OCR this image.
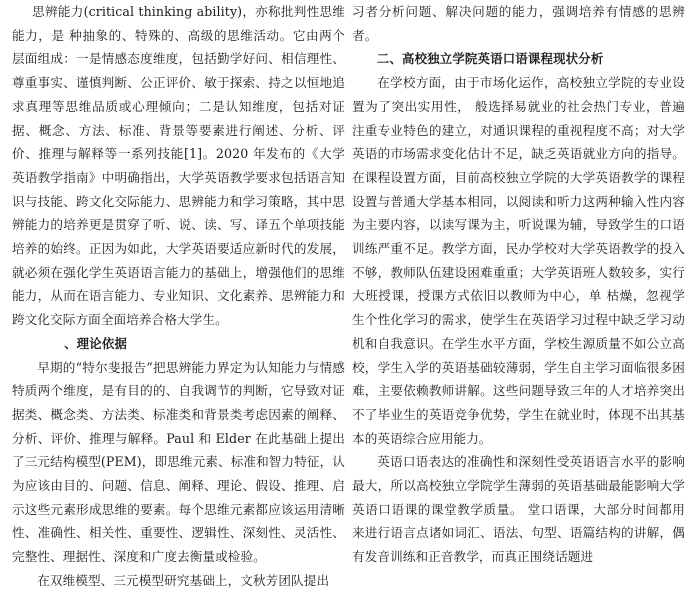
思辨能力(critical thinking ability)，亦称批判性思维能力，是 种抽象的、特殊的、高级的思维活动。它由两个层面组成：一是情感态度维度，包括勤学好问、相信理性、尊重事实、谨慎判断、公正评价、敏于探索、持之以恒地追求真理等思维品质或心理倾向；二是认知维度，包括对证据、概念、方法、标准、背景等要素进行阐述、分析、评价、推理与解释等一系列技能[1]。2020 年发布的《大学英语教学指南》中明确指出，大学英语教学要求包括语言知识与技能、跨文化交际能力、思辨能力和学习策略，其中思辨能力的培养更是贯穿了听、说、读、写、译五个单项技能培养的始终。正因为如此，大学英语要适应新时代的发展，就必须在强化学生英语语言能力的基础上，增强他们的思维能力，从而在语言能力、专业知识、文化素养、思辨能力和跨文化交际方面全面培养合格大学生。

、理论依据

早期的“特尔斐报告”把思辨能力界定为认知能力与情感特质两个维度，是有目的的、自我调节的判断，它导致对证据类、概念类、方法类、标准类和背景类考虑因素的阐释、分析、评价、推理与解释。Paul 和 Elder 在此基础上提出了三元结构模型(PEM)，即思维元素、标准和智力特征，认为应该由目的、问题、信息、阐释、理论、假设、推理、启示这些元素形成思维的要素。每个思维元素都应该运用清晰性、准确性、相关性、重要性、逻辑性、深刻性、灵活性、完整性、理据性、深度和广度去衡量或检验。

在双维模型、三元模型研究基础上，文秋芳团队提出

习者分析问题、解决问题的能力，强调培养有情感的思辨者。

二、高校独立学院英语口语课程现状分析

在学校方面，由于市场化运作，高校独立学院的专业设置为了突出实用性， 般选择易就业的社会热门专业，普遍注重专业特色的建立，对通识课程的重视程度不高；对大学英语的市场需求变化估计不足，缺乏英语就业方向的指导。在课程设置方面，目前高校独立学院的大学英语教学的课程设置与普通大学基本相同，以阅读和听力这两种输入性内容为主要内容，以读写课为主，听说课为辅，导致学生的口语训练严重不足。教学方面，民办学校对大学英语教学的投入不够，教师队伍建设困难重重；大学英语班人数较多，实行大班授课，授课方式依旧以教师为中心，单 枯燥，忽视学生个性化学习的需求，使学生在英语学习过程中缺乏学习动机和自我意识。在学生水平方面，学校生源质量不如公立高校，学生入学的英语基础较薄弱，学生自主学习面临很多困难，主要依赖教师讲解。这些问题导致三年的人才培养突出不了毕业生的英语竞争优势，学生在就业时，体现不出其基本的英语综合应用能力。

英语口语表达的准确性和深刻性受英语语言水平的影响最大，所以高校独立学院学生薄弱的英语基础最能影响大学英语口语课的课堂教学质量。 堂口语课，大部分时间都用来进行语言点诸如词汇、语法、句型、语篇结构的讲解，偶有发音训练和正音教学，而真正围绕话题进
